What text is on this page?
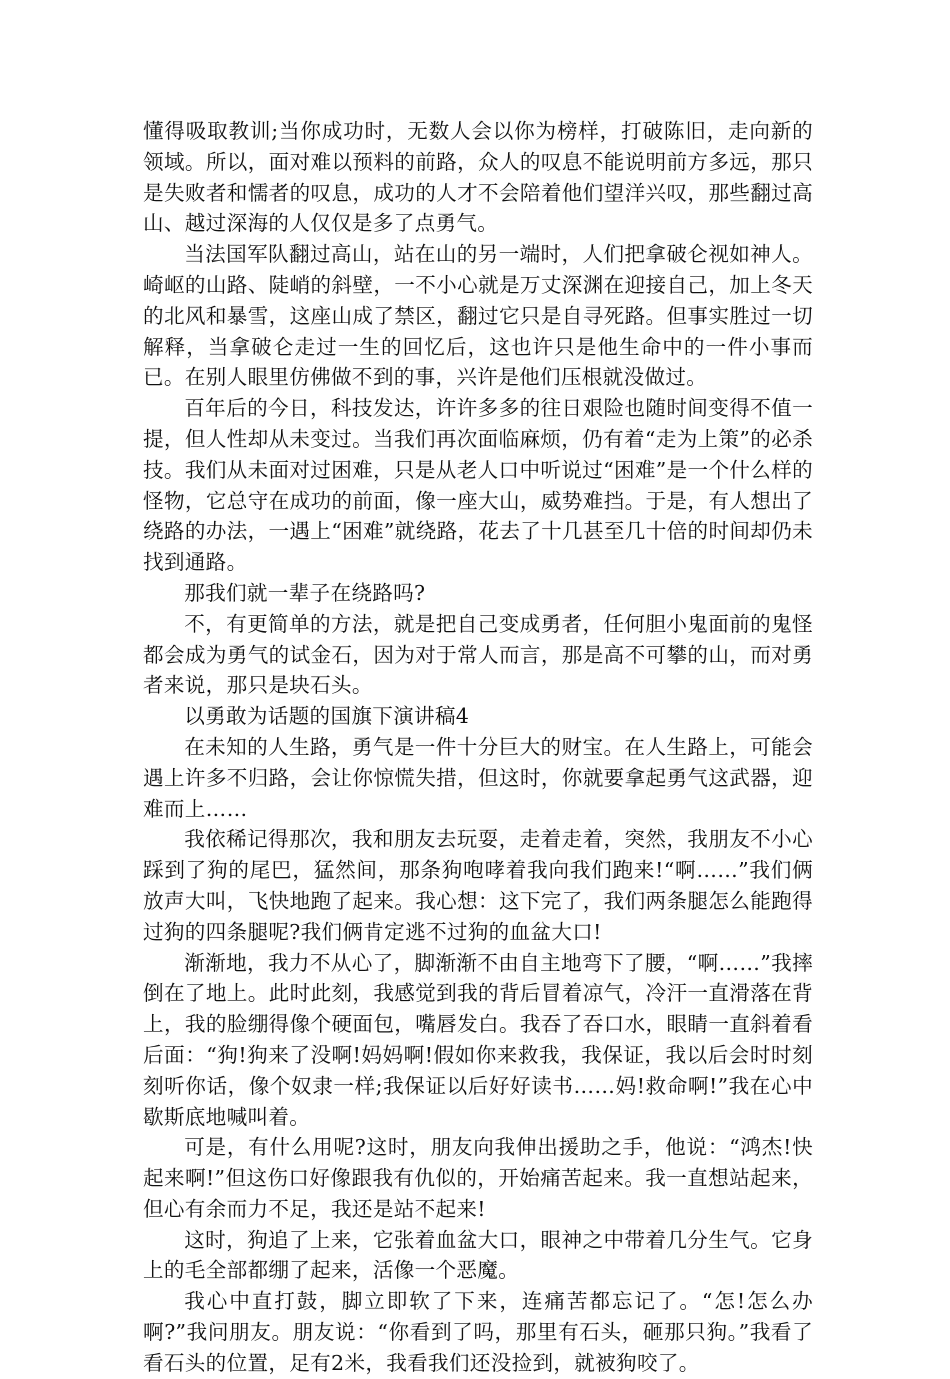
懂得吸取教训;当你成功时，无数人会以你为榜样，打破陈旧，走向新的领域。所以，面对难以预料的前路，众人的叹息不能说明前方多远，那只是失败者和懦者的叹息，成功的人才不会陪着他们望洋兴叹，那些翻过高山、越过深海的人仅仅是多了点勇气。

当法国军队翻过高山，站在山的另一端时，人们把拿破仑视如神人。崎岖的山路、陡峭的斜壁，一不小心就是万丈深渊在迎接自己，加上冬天的北风和暴雪，这座山成了禁区，翻过它只是自寻死路。但事实胜过一切解释，当拿破仑走过一生的回忆后，这也许只是他生命中的一件小事而已。在别人眼里仿佛做不到的事，兴许是他们压根就没做过。

百年后的今日，科技发达，许许多多的往日艰险也随时间变得不值一提，但人性却从未变过。当我们再次面临麻烦，仍有着“走为上策”的必杀技。我们从未面对过困难，只是从老人口中听说过“困难”是一个什么样的怪物，它总守在成功的前面，像一座大山，威势难挡。于是，有人想出了绕路的办法，一遇上“困难”就绕路，花去了十几甚至几十倍的时间却仍未找到通路。

那我们就一辈子在绕路吗?

不，有更简单的方法，就是把自己变成勇者，任何胆小鬼面前的鬼怪都会成为勇气的试金石，因为对于常人而言，那是高不可攀的山，而对勇者来说，那只是块石头。

以勇敢为话题的国旗下演讲稿4

在未知的人生路，勇气是一件十分巨大的财宝。在人生路上，可能会遇上许多不归路，会让你惊慌失措，但这时，你就要拿起勇气这武器，迎难而上……

我依稀记得那次，我和朋友去玩耍，走着走着，突然，我朋友不小心踩到了狗的尾巴，猛然间，那条狗咆哮着我向我们跑来!“啊……”我们俩放声大叫，飞快地跑了起来。我心想：这下完了，我们两条腿怎么能跑得过狗的四条腿呢?我们俩肯定逃不过狗的血盆大口!

渐渐地，我力不从心了，脚渐渐不由自主地弯下了腰，“啊……”我摔倒在了地上。此时此刻，我感觉到我的背后冒着凉气，冷汗一直滑落在背上，我的脸绷得像个硬面包，嘴唇发白。我吞了吞口水，眼睛一直斜着看后面：“狗!狗来了没啊!妈妈啊!假如你来救我，我保证，我以后会时时刻刻听你话，像个奴隶一样;我保证以后好好读书……妈!救命啊!”我在心中歇斯底地喊叫着。

可是，有什么用呢?这时，朋友向我伸出援助之手，他说：“鸿杰!快起来啊!”但这伤口好像跟我有仇似的，开始痛苦起来。我一直想站起来，但心有余而力不足，我还是站不起来!

这时，狗追了上来，它张着血盆大口，眼神之中带着几分生气。它身上的毛全部都绷了起来，活像一个恶魔。

我心中直打鼓，脚立即软了下来，连痛苦都忘记了。“怎!怎么办啊?”我问朋友。朋友说：“你看到了吗，那里有石头，砸那只狗。”我看了看石头的位置，足有2米，我看我们还没捡到，就被狗咬了。
